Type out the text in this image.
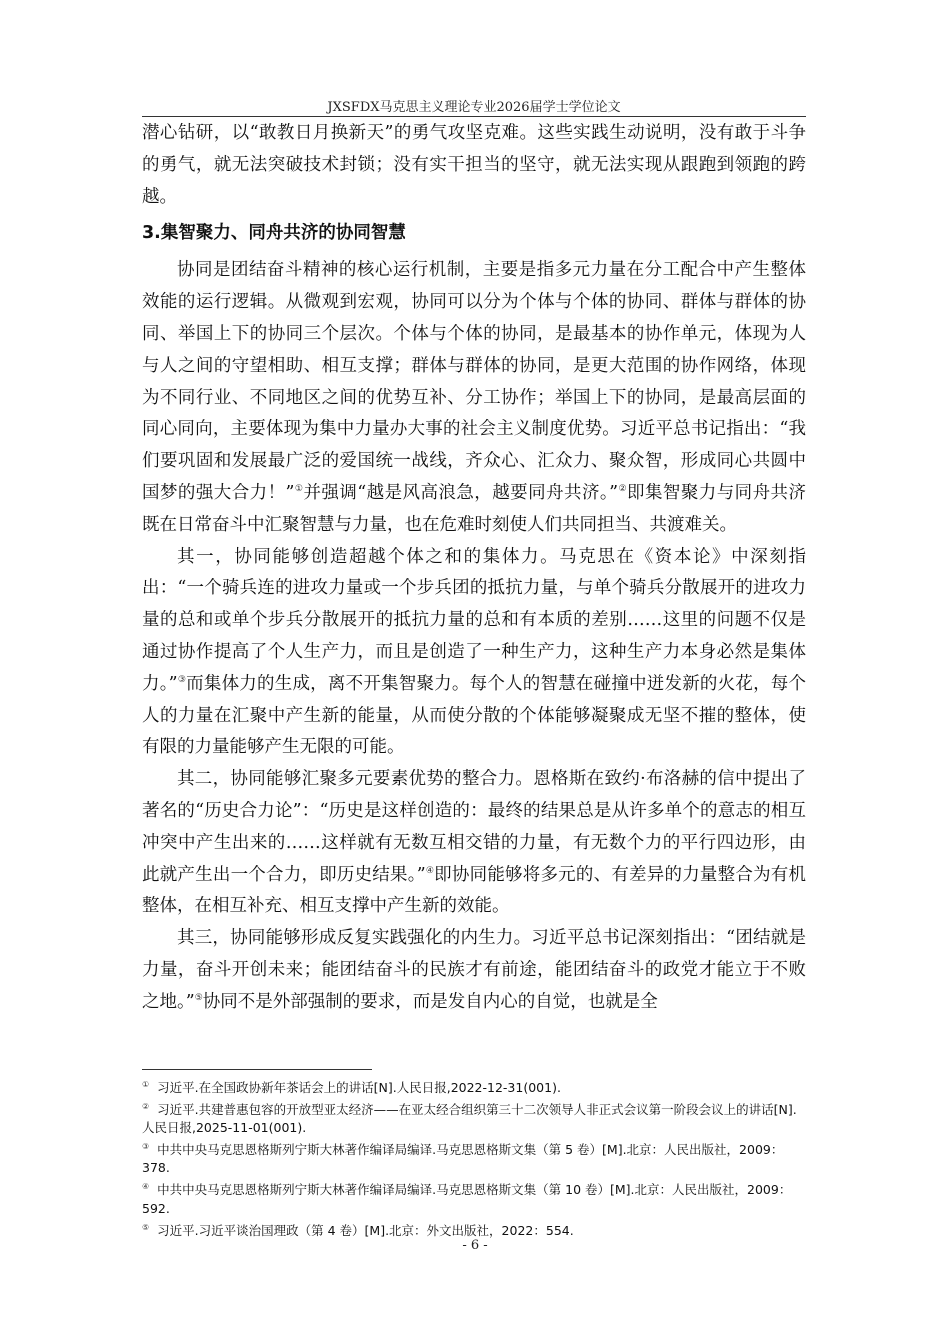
JXSFDX马克思主义理论专业2026届学士学位论文

潜心钻研，以“敢教日月换新天”的勇气攻坚克难。这些实践生动说明，没有敢于斗争的勇气，就无法突破技术封锁；没有实干担当的坚守，就无法实现从跟跑到领跑的跨越。

3.集智聚力、同舟共济的协同智慧

协同是团结奋斗精神的核心运行机制，主要是指多元力量在分工配合中产生整体效能的运行逻辑。从微观到宏观，协同可以分为个体与个体的协同、群体与群体的协同、举国上下的协同三个层次。个体与个体的协同，是最基本的协作单元，体现为人与人之间的守望相助、相互支撑；群体与群体的协同，是更大范围的协作网络，体现为不同行业、不同地区之间的优势互补、分工协作；举国上下的协同，是最高层面的同心同向，主要体现为集中力量办大事的社会主义制度优势。习近平总书记指出：“我们要巩固和发展最广泛的爱国统一战线，齐众心、汇众力、聚众智，形成同心共圆中国梦的强大合力！”①并强调“越是风高浪急，越要同舟共济。”②即集智聚力与同舟共济既在日常奋斗中汇聚智慧与力量，也在危难时刻使人们共同担当、共渡难关。

其一，协同能够创造超越个体之和的集体力。马克思在《资本论》中深刻指出：“一个骑兵连的进攻力量或一个步兵团的抵抗力量，与单个骑兵分散展开的进攻力量的总和或单个步兵分散展开的抵抗力量的总和有本质的差别……这里的问题不仅是通过协作提高了个人生产力，而且是创造了一种生产力，这种生产力本身必然是集体力。”③而集体力的生成，离不开集智聚力。每个人的智慧在碰撞中迸发新的火花，每个人的力量在汇聚中产生新的能量，从而使分散的个体能够凝聚成无坚不摧的整体，使有限的力量能够产生无限的可能。

其二，协同能够汇聚多元要素优势的整合力。恩格斯在致约·布洛赫的信中提出了著名的“历史合力论”：“历史是这样创造的：最终的结果总是从许多单个的意志的相互冲突中产生出来的……这样就有无数互相交错的力量，有无数个力的平行四边形，由此就产生出一个合力，即历史结果。”④即协同能够将多元的、有差异的力量整合为有机整体，在相互补充、相互支撑中产生新的效能。

其三，协同能够形成反复实践强化的内生力。习近平总书记深刻指出：“团结就是力量，奋斗开创未来；能团结奋斗的民族才有前途，能团结奋斗的政党才能立于不败之地。”⑤协同不是外部强制的要求，而是发自内心的自觉，也就是全

① 习近平.在全国政协新年茶话会上的讲话[N].人民日报,2022-12-31(001).
② 习近平.共建普惠包容的开放型亚太经济——在亚太经合组织第三十二次领导人非正式会议第一阶段会议上的讲话[N].人民日报,2025-11-01(001).
③ 中共中央马克思恩格斯列宁斯大林著作编译局编译.马克思恩格斯文集（第 5 卷）[M].北京：人民出版社，2009：378.
④ 中共中央马克思恩格斯列宁斯大林著作编译局编译.马克思恩格斯文集（第 10 卷）[M].北京：人民出版社，2009：592.
⑤ 习近平.习近平谈治国理政（第 4 卷）[M].北京：外文出版社，2022：554.
- 6 -
